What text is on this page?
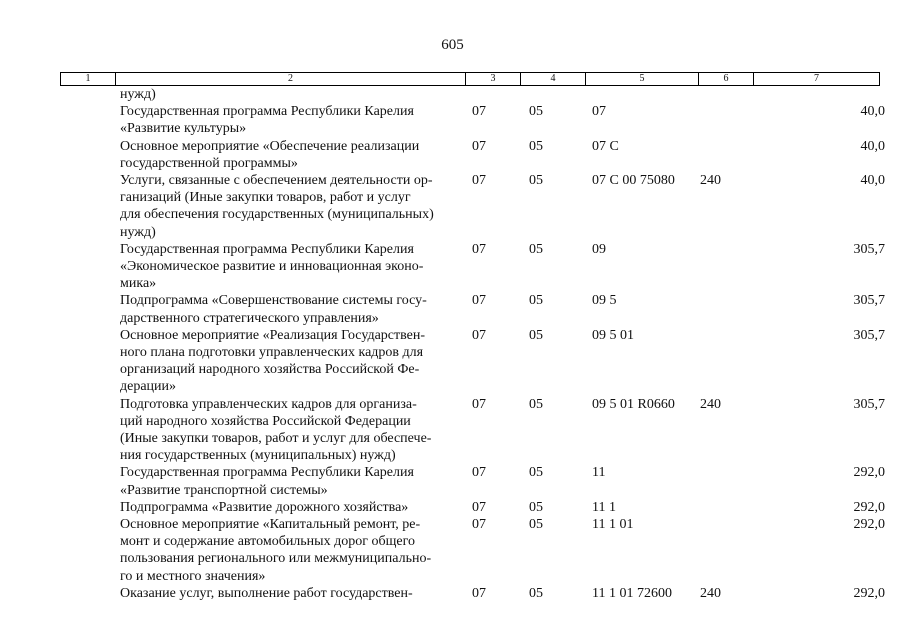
605
1	2	3	4	5	6	7
нужд)
Государственная программа Республики Карелия
«Развитие культуры»
07	05	07	40,0
Основное мероприятие «Обеспечение реализации
государственной программы»
07	05	07 С	40,0
Услуги, связанные с обеспечением деятельности ор-
ганизаций (Иные закупки товаров, работ и услуг
для обеспечения государственных (муниципальных)
нужд)
07	05	07 С 00 75080	240	40,0
Государственная программа Республики Карелия
«Экономическое развитие и инновационная эконо-
мика»
07	05	09	305,7
Подпрограмма «Совершенствование системы госу-
дарственного стратегического управления»
07	05	09 5	305,7
Основное мероприятие «Реализация Государствен-
ного плана подготовки управленческих кадров для
организаций народного хозяйства Российской Фе-
дерации»
07	05	09 5 01	305,7
Подготовка управленческих кадров для организа-
ций народного хозяйства Российской Федерации
(Иные закупки товаров, работ и услуг для обеспече-
ния государственных (муниципальных) нужд)
07	05	09 5 01 R0660	240	305,7
Государственная программа Республики Карелия
«Развитие транспортной системы»
07	05	11	292,0
Подпрограмма «Развитие дорожного хозяйства»	07	05	11 1	292,0
Основное мероприятие «Капитальный ремонт, ре-
монт и содержание автомобильных дорог общего
пользования регионального или межмуниципально-
го и местного значения»
07	05	11 1 01	292,0
Оказание услуг, выполнение работ государствен-	07	05	11 1 01 72600	240	292,0
